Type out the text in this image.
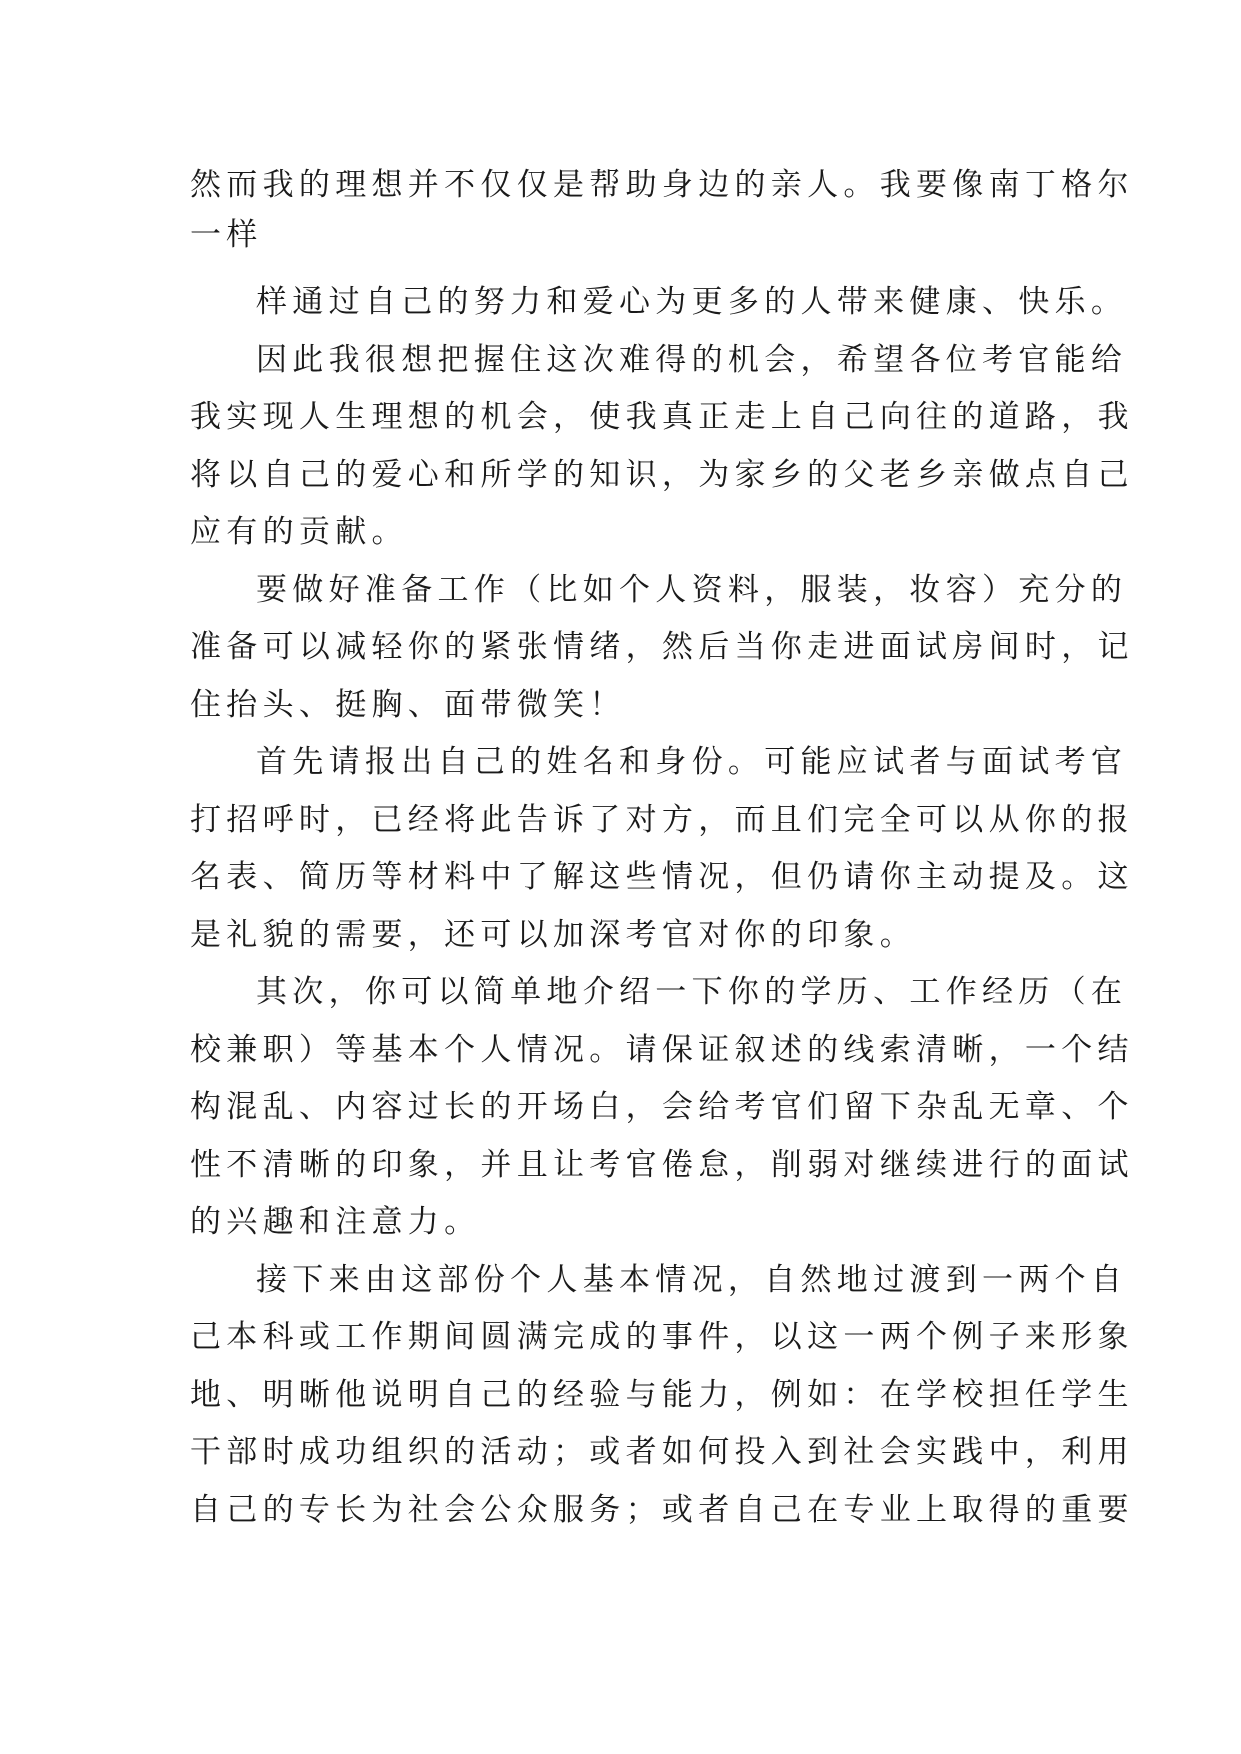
然而我的理想并不仅仅是帮助身边的亲人。我要像南丁格尔
一样
样通过自己的努力和爱心为更多的人带来健康、快乐。
因此我很想把握住这次难得的机会，希望各位考官能给
我实现人生理想的机会，使我真正走上自己向往的道路，我
将以自己的爱心和所学的知识，为家乡的父老乡亲做点自己
应有的贡献。
要做好准备工作（比如个人资料，服装，妆容）充分的
准备可以减轻你的紧张情绪，然后当你走进面试房间时，记
住抬头、挺胸、面带微笑！
首先请报出自己的姓名和身份。可能应试者与面试考官
打招呼时，已经将此告诉了对方，而且们完全可以从你的报
名表、简历等材料中了解这些情况，但仍请你主动提及。这
是礼貌的需要，还可以加深考官对你的印象。
其次，你可以简单地介绍一下你的学历、工作经历（在
校兼职）等基本个人情况。请保证叙述的线索清晰，一个结
构混乱、内容过长的开场白，会给考官们留下杂乱无章、个
性不清晰的印象，并且让考官倦怠，削弱对继续进行的面试
的兴趣和注意力。
接下来由这部份个人基本情况，自然地过渡到一两个自
己本科或工作期间圆满完成的事件，以这一两个例子来形象
地、明晰他说明自己的经验与能力，例如：在学校担任学生
干部时成功组织的活动；或者如何投入到社会实践中，利用
自己的专长为社会公众服务；或者自己在专业上取得的重要
